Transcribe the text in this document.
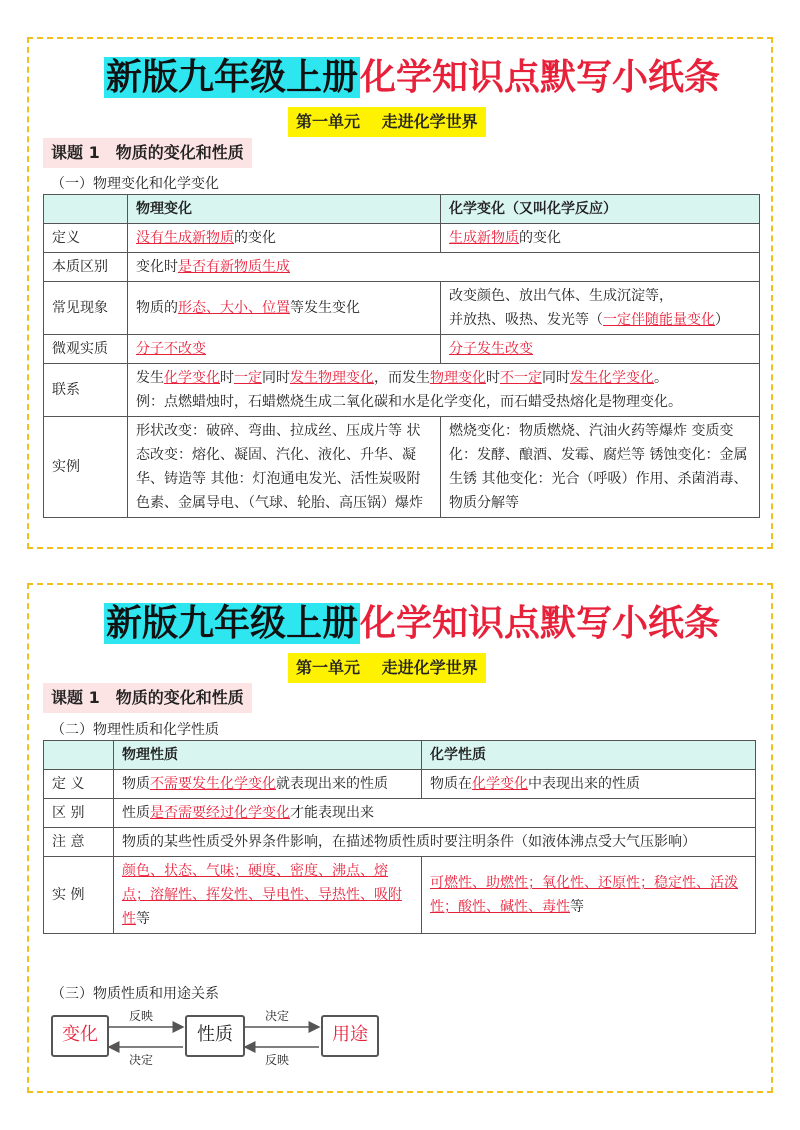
新版九年级上册化学知识点默写小纸条
第一单元　 走进化学世界
课题 1　物质的变化和性质
（一）物理变化和化学变化
	物理变化	化学变化（又叫化学反应）
定义	没有生成新物质的变化	生成新物质的变化
本质区别	变化时是否有新物质生成	
常见现象	物质的形态、大小、位置等发生变化	改变颜色、放出气体、生成沉淀等，
并放热、吸热、发光等（一定伴随能量变化）

微观实质	分子不改变	分子发生改变
联系	发生化学变化时一定同时发生物理变化，而发生物理变化时不一定同时发生化学变化。
例：点燃蜡烛时，石蜡燃烧生成二氧化碳和水是化学变化，而石蜡受热熔化是物理变化。	

实例	形状改变：破碎、弯曲、拉成丝、压成片等 状态改变：熔化、凝固、汽化、液化、升华、凝华、铸造等 其他：灯泡通电发光、活性炭吸附色素、金属导电、（气球、轮胎、高压锅）爆炸	燃烧变化：物质燃烧、汽油火药等爆炸 变质变化：发酵、酿酒、发霉、腐烂等 锈蚀变化：金属生锈 其他变化：光合（呼吸）作用、杀菌消毒、物质分解等
新版九年级上册化学知识点默写小纸条
第一单元　 走进化学世界
课题 1　物质的变化和性质
（二）物理性质和化学性质
	物理性质	化学性质
定 义	物质不需要发生化学变化就表现出来的性质	物质在化学变化中表现出来的性质
区 别	性质是否需要经过化学变化才能表现出来	
注 意	物质的某些性质受外界条件影响，在描述物质性质时要注明条件（如液体沸点受大气压影响）	
实 例	颜色、状态、气味；硬度、密度、沸点、熔点；溶解性、挥发性、导电性、导热性、吸附性等	可燃性、助燃性；氧化性、还原性；稳定性、活泼性；酸性、碱性、毒性等
（三）物质性质和用途关系
变化	性质	用途
反映
决定
决定
反映
